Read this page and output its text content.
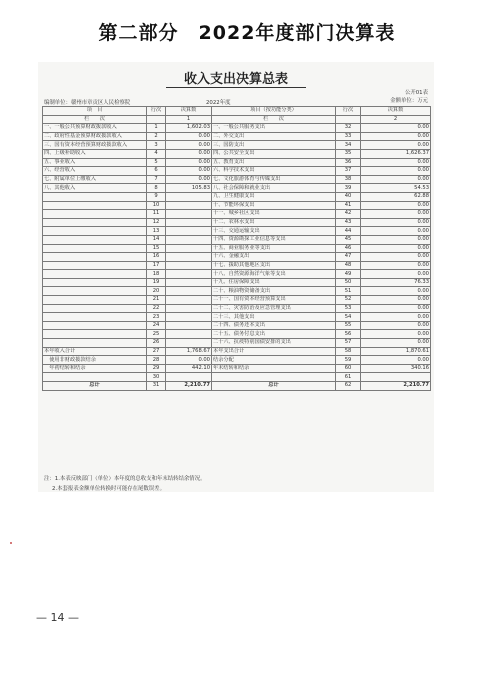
第二部分　2022年度部门决算表
收入支出决算总表
公开01表
编制单位：赣州市章贡区人民检察院	2022年度	金额单位：万元
项　目	行次	决算数	项目（按功能分类）	行次	决算数
栏　　次		1	栏　　次		2
一、一般公共预算财政拨款收入	1	1,602.03	一、一般公共服务支出	32	0.00
二、政府性基金预算财政拨款收入	2	0.00	二、外交支出	33	0.00
三、国有资本经营预算财政拨款收入	3	0.00	三、国防支出	34	0.00
四、上级补助收入	4	0.00	四、公共安全支出	35	1,626.37
五、事业收入	5	0.00	五、教育支出	36	0.00
六、经营收入	6	0.00	六、科学技术支出	37	0.00
七、附属单位上缴收入	7	0.00	七、文化旅游体育与传媒支出	38	0.00
八、其他收入	8	105.83	八、社会保障和就业支出	39	54.53
	9		九、卫生健康支出	40	62.88
	10		十、节能环保支出	41	0.00
	11		十一、城乡社区支出	42	0.00
	12		十二、农林水支出	43	0.00
	13		十三、交通运输支出	44	0.00
	14		十四、资源勘探工业信息等支出	45	0.00
	15		十五、商业服务业等支出	46	0.00
	16		十六、金融支出	47	0.00
	17		十七、援助其他地区支出	48	0.00
	18		十八、自然资源海洋气象等支出	49	0.00
	19		十九、住房保障支出	50	76.33
	20		二十、粮油物资储备支出	51	0.00
	21		二十一、国有资本经营预算支出	52	0.00
	22		二十二、灾害防治及应急管理支出	53	0.00
	23		二十三、其他支出	54	0.00
	24		二十四、债务还本支出	55	0.00
	25		二十五、债务付息支出	56	0.00
	26		二十六、抗疫特别国债安排的支出	57	0.00
本年收入合计	27	1,768.67	本年支出合计	58	1,870.61
　使用非财政拨款结余	28	0.00	结余分配	59	0.00
　年初结转和结余	29	442.10	年末结转和结余	60	340.16
	30			61	
总计	31	2,210.77	总计	62	2,210.77
注：1.本表反映部门（单位）本年度的总收支和年末结转结余情况。
2.本套报表金额单位转换时可能存在尾数误差。
— 14 —
